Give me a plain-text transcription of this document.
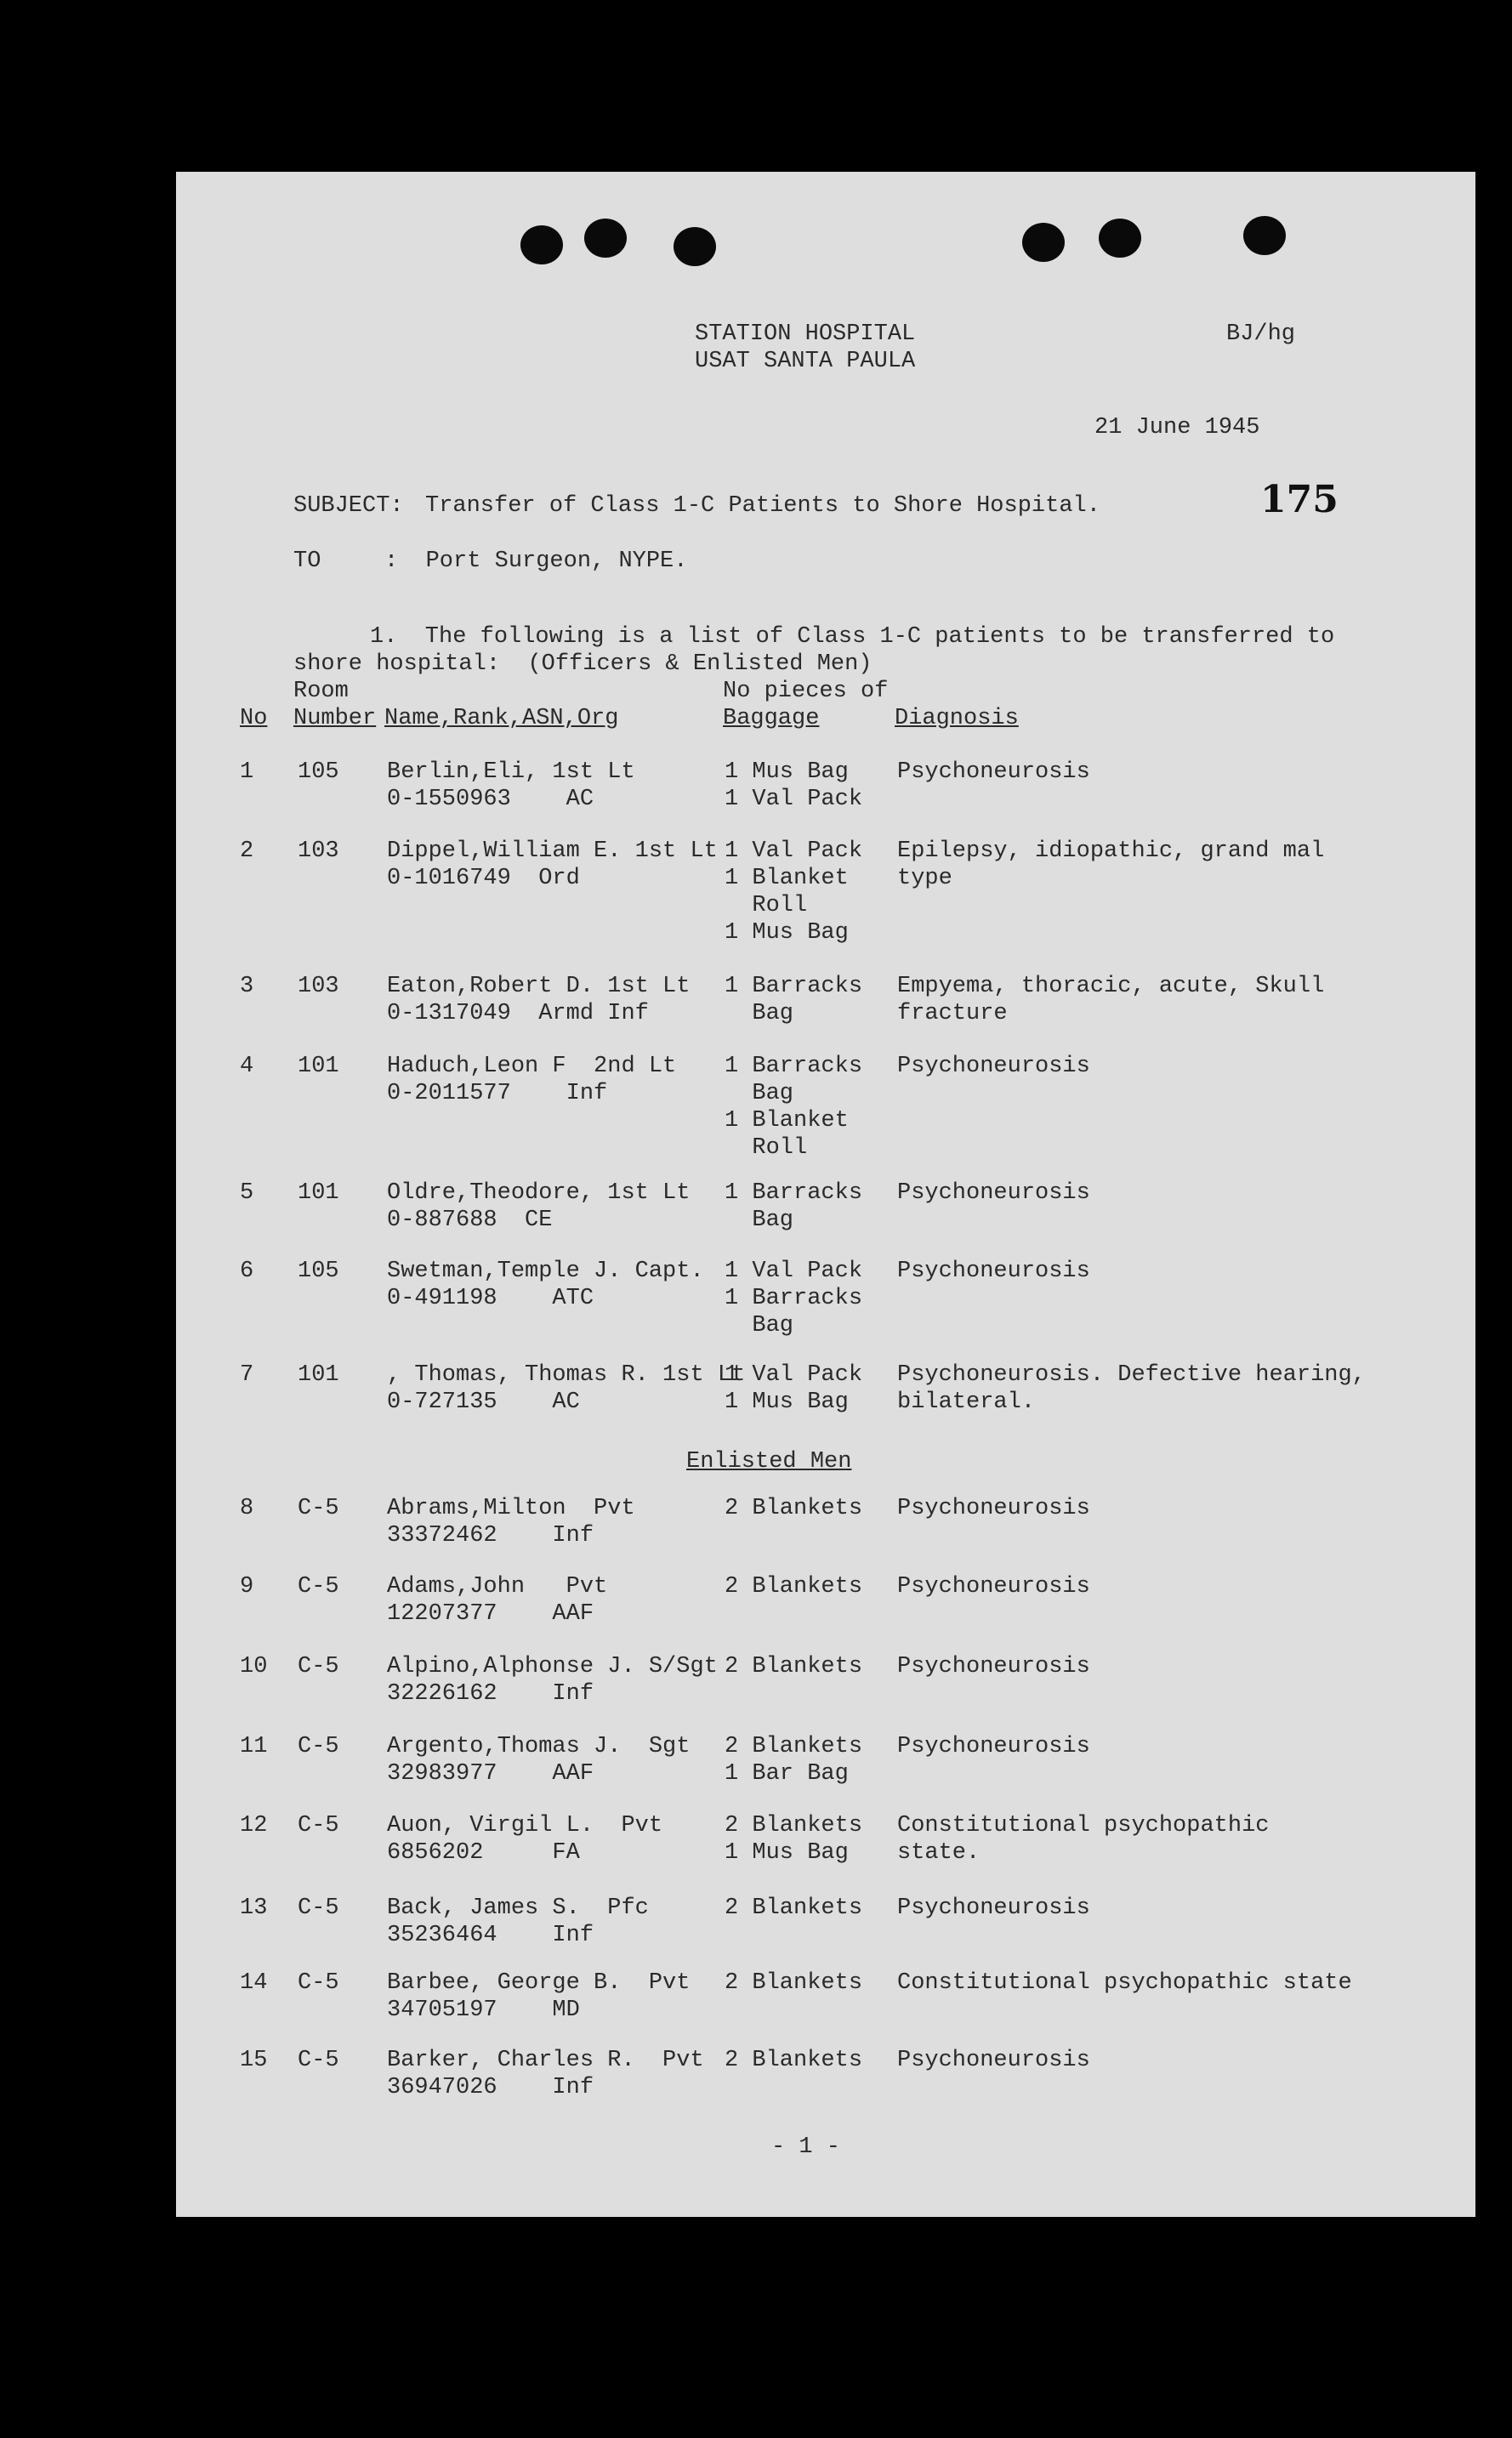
STATION HOSPITAL
USAT SANTA PAULA
BJ/hg
21 June 1945
175
SUBJECT: Transfer of Class 1-C Patients to Shore Hospital.
TO	:  Port Surgeon, NYPE.
1.  The following is a list of Class 1-C patients to be transferred to
shore hospital:  (Officers & Enlisted Men)
No
Room
Number Name,Rank,ASN,Org
No pieces of
Baggage	Diagnosis
1 105 Berlin,Eli, 1st Lt
0-1550963    AC
1 Mus Bag
1 Val Pack
Psychoneurosis
2 103 Dippel,William E. 1st Lt
0-1016749  Ord
1 Val Pack
1 Blanket
Roll
1 Mus Bag
Epilepsy, idiopathic, grand mal
type
3 103 Eaton,Robert D. 1st Lt
0-1317049  Armd Inf
1 Barracks
Bag
Empyema, thoracic, acute, Skull
fracture
4 101 Haduch,Leon F  2nd Lt
0-2011577    Inf
1 Barracks
Bag
1 Blanket
Roll
Psychoneurosis
5 101 Oldre,Theodore, 1st Lt
0-887688  CE
1 Barracks
Bag
Psychoneurosis
6 105 Swetman,Temple J. Capt.
0-491198    ATC
1 Val Pack
1 Barracks
Bag
Psychoneurosis
7 101 , Thomas, Thomas R. 1st Lt
0-727135    AC
1 Val Pack
1 Mus Bag
Psychoneurosis. Defective hearing,
bilateral.
Enlisted Men
8 C-5 Abrams,Milton  Pvt
33372462    Inf
2 Blankets Psychoneurosis
9 C-5 Adams,John   Pvt
12207377    AAF
2 Blankets Psychoneurosis
10 C-5 Alpino,Alphonse J. S/Sgt
32226162    Inf
2 Blankets Psychoneurosis
11 C-5 Argento,Thomas J.  Sgt
32983977    AAF
2 Blankets
1 Bar Bag
Psychoneurosis
12 C-5 Auon, Virgil L.  Pvt
6856202     FA
2 Blankets
1 Mus Bag
Constitutional psychopathic
state.
13 C-5 Back, James S.  Pfc
35236464    Inf
2 Blankets Psychoneurosis
14 C-5 Barbee, George B.  Pvt
34705197    MD
2 Blankets Constitutional psychopathic state
15 C-5 Barker, Charles R.  Pvt
36947026    Inf
2 Blankets Psychoneurosis
- 1 -
